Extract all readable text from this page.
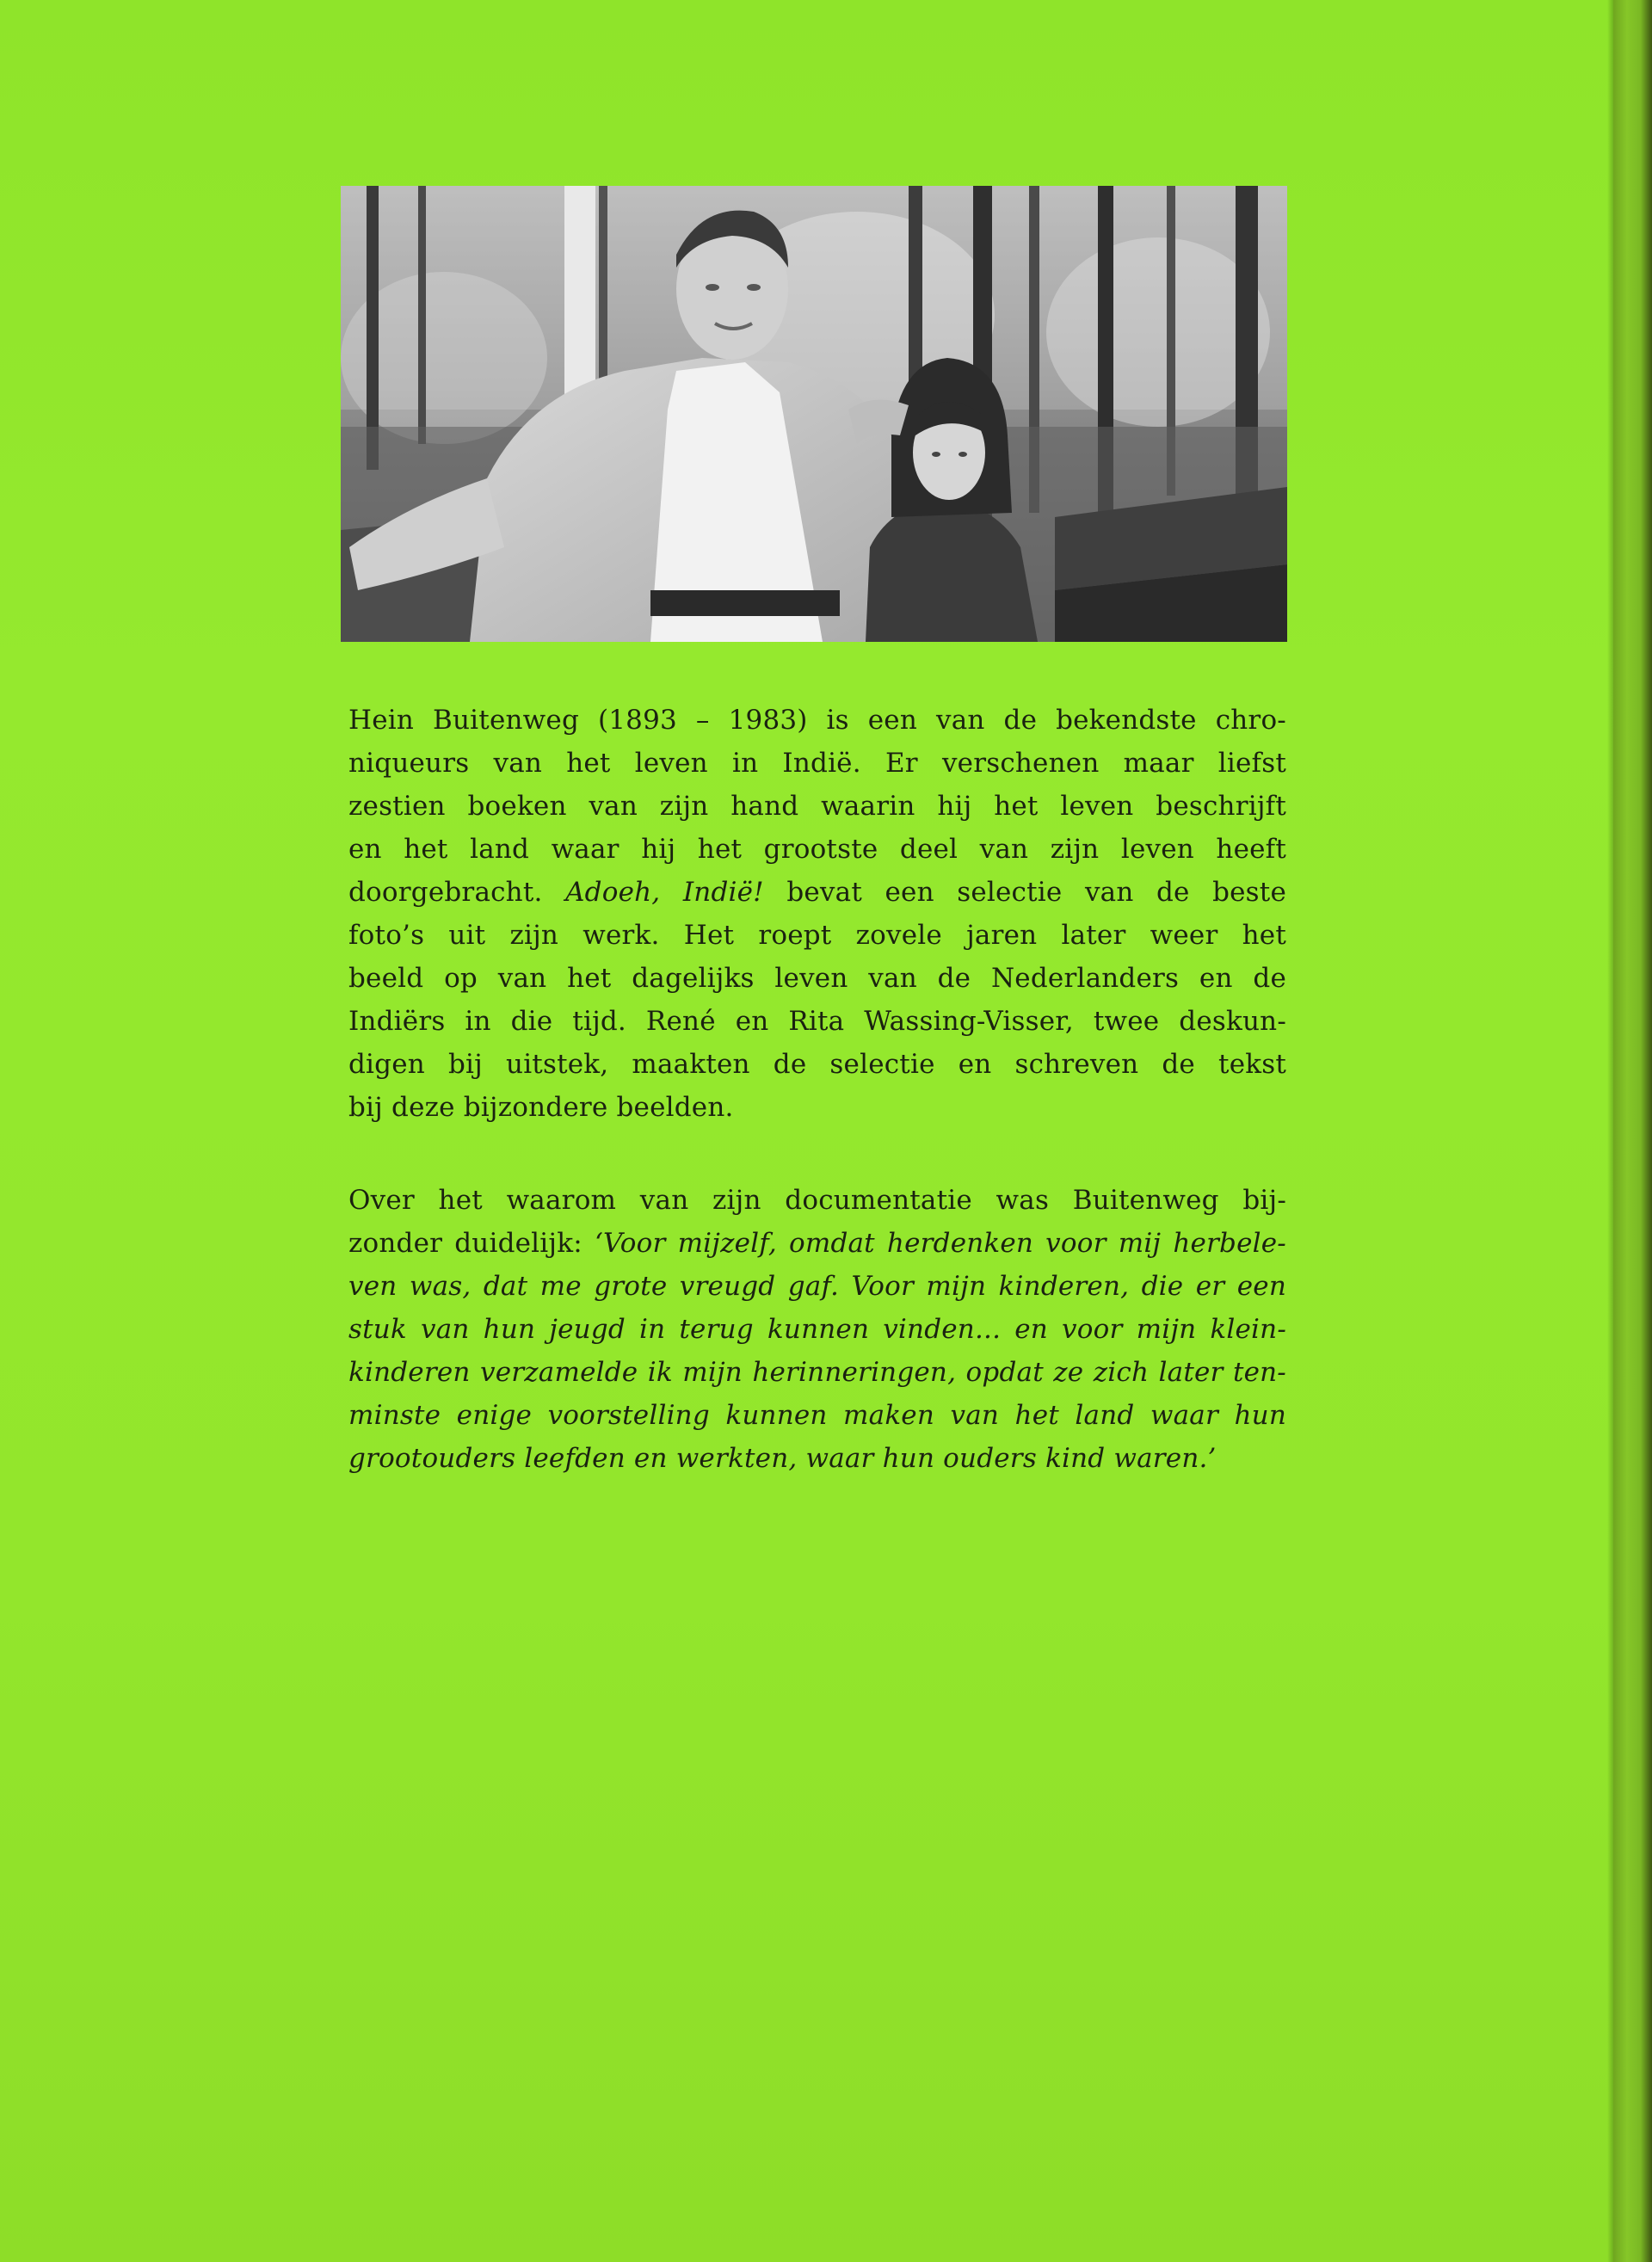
Hein Buitenweg (1893 – 1983) is een van de bekendste chro-
niqueurs van het leven in Indië. Er verschenen maar liefst
zestien boeken van zijn hand waarin hij het leven beschrijft
en het land waar hij het grootste deel van zijn leven heeft
doorgebracht. Adoeh, Indië! bevat een selectie van de beste
foto’s uit zijn werk. Het roept zovele jaren later weer het
beeld op van het dagelijks leven van de Nederlanders en de
Indiërs in die tijd. René en Rita Wassing-Visser, twee deskun-
digen bij uitstek, maakten de selectie en schreven de tekst
bij deze bijzondere beelden.

Over het waarom van zijn documentatie was Buitenweg bij-
zonder duidelijk: ‘Voor mijzelf, omdat herdenken voor mij herbele-
ven was, dat me grote vreugd gaf. Voor mijn kinderen, die er een
stuk van hun jeugd in terug kunnen vinden... en voor mijn klein-
kinderen verzamelde ik mijn herinneringen, opdat ze zich later ten-
minste enige voorstelling kunnen maken van het land waar hun
grootouders leefden en werkten, waar hun ouders kind waren.’
